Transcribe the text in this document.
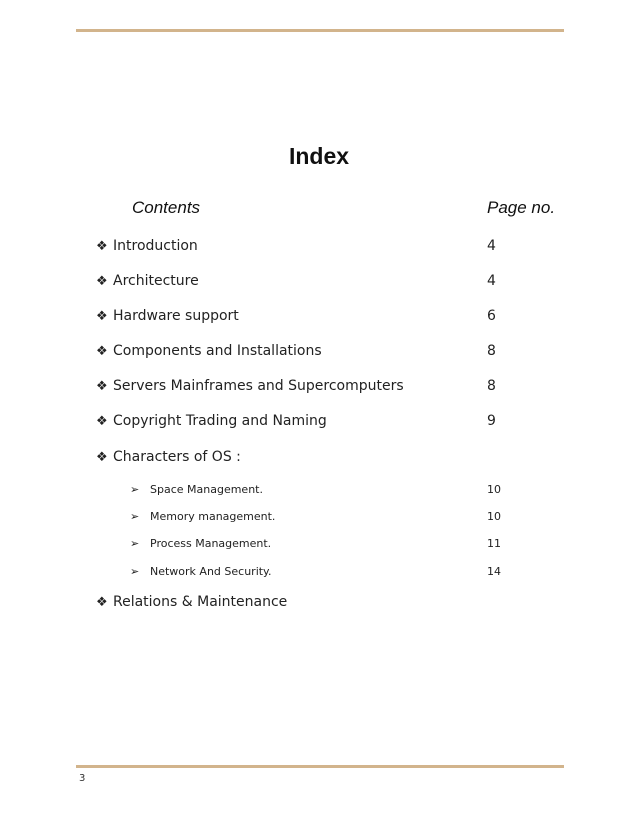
Index
Contents	Page no.
❖ Introduction	4
❖ Architecture	4
❖ Hardware support	6
❖ Components and Installations	8
❖ Servers Mainframes and Supercomputers	8
❖ Copyright Trading and Naming	9
❖ Characters of OS :
➢ Space Management.	10
➢ Memory management.	10
➢ Process Management.	11
➢ Network And Security.	14
❖ Relations & Maintenance
3
